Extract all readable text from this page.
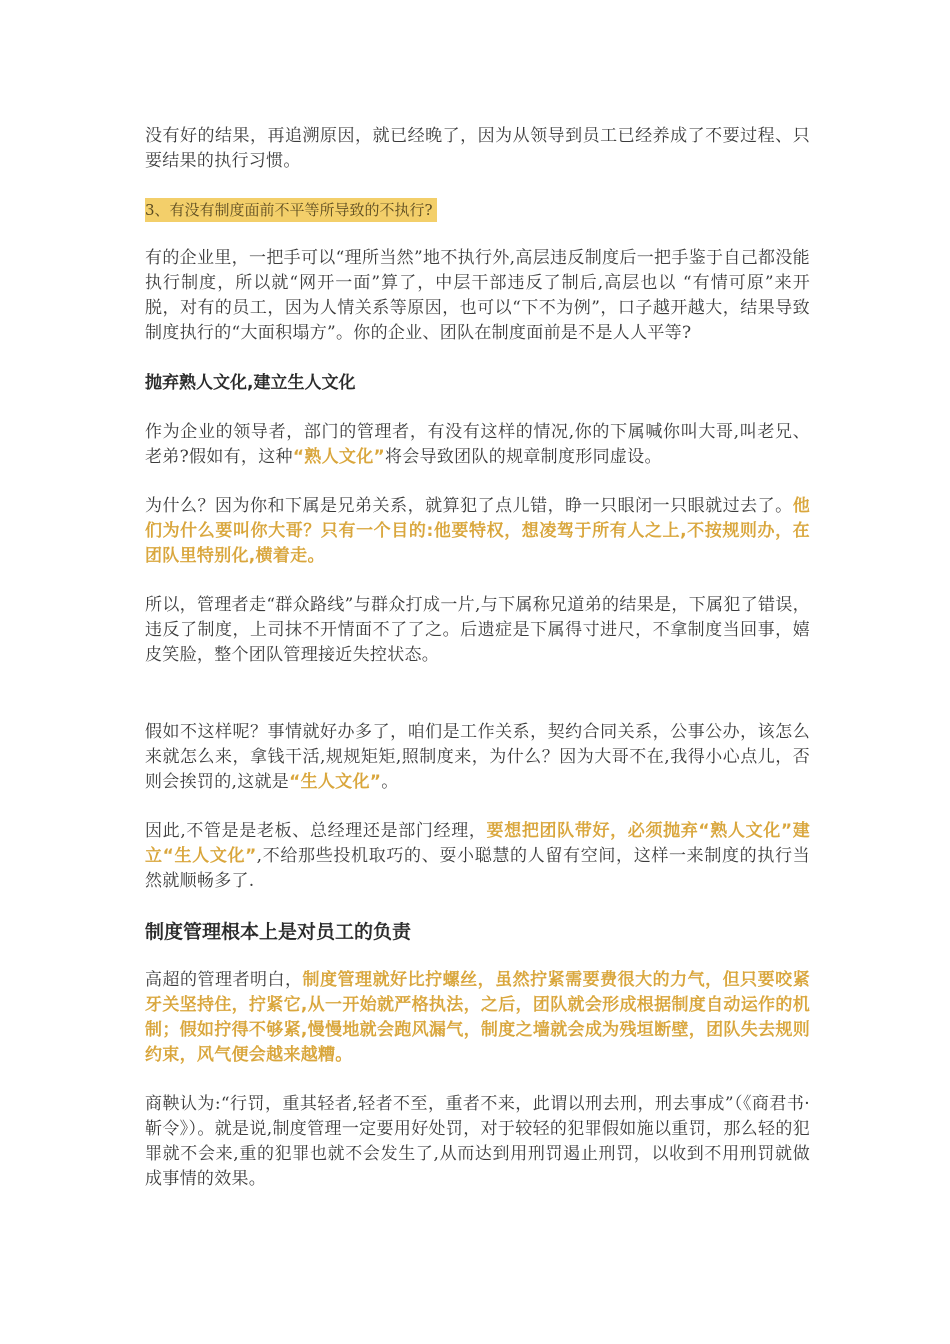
没有好的结果，再追溯原因，就已经晚了，因为从领导到员工已经养成了不要过程、只要结果的执行习惯。

3、有没有制度面前不平等所导致的不执行?

有的企业里，一把手可以“理所当然”地不执行外,高层违反制度后一把手鉴于自己都没能执行制度，所以就“网开一面”算了，中层干部违反了制后,高层也以 “有情可原”来开脱，对有的员工，因为人情关系等原因，也可以“下不为例”，口子越开越大，结果导致制度执行的“大面积塌方”。你的企业、团队在制度面前是不是人人平等?

抛弃熟人文化,建立生人文化

作为企业的领导者，部门的管理者，有没有这样的情况,你的下属喊你叫大哥,叫老兄、老弟?假如有，这种“熟人文化”将会导致团队的规章制度形同虚设。

为什么？因为你和下属是兄弟关系，就算犯了点儿错，睁一只眼闭一只眼就过去了。他们为什么要叫你大哥？只有一个目的:他要特权，想凌驾于所有人之上,不按规则办，在团队里特别化,横着走。

所以，管理者走“群众路线”与群众打成一片,与下属称兄道弟的结果是，下属犯了错误，违反了制度，上司抹不开情面不了了之。后遗症是下属得寸进尺，不拿制度当回事，嬉皮笑脸，整个团队管理接近失控状态。

假如不这样呢？事情就好办多了，咱们是工作关系，契约合同关系，公事公办，该怎么来就怎么来，拿钱干活,规规矩矩,照制度来，为什么？因为大哥不在,我得小心点儿，否则会挨罚的,这就是“生人文化”。

因此,不管是是老板、总经理还是部门经理，要想把团队带好，必须抛弃“熟人文化”建立“生人文化”,不给那些投机取巧的、耍小聪慧的人留有空间，这样一来制度的执行当然就顺畅多了.

制度管理根本上是对员工的负责

高超的管理者明白，制度管理就好比拧螺丝，虽然拧紧需要费很大的力气，但只要咬紧牙关坚持住，拧紧它,从一开始就严格执法，之后，团队就会形成根据制度自动运作的机制；假如拧得不够紧,慢慢地就会跑风漏气，制度之墙就会成为残垣断壁，团队失去规则约束，风气便会越来越糟。

商鞅认为:“行罚，重其轻者,轻者不至，重者不来，此谓以刑去刑，刑去事成”（《商君书·靳令》）。就是说,制度管理一定要用好处罚，对于较轻的犯罪假如施以重罚，那么轻的犯罪就不会来,重的犯罪也就不会发生了,从而达到用刑罚遏止刑罚，以收到不用刑罚就做成事情的效果。
